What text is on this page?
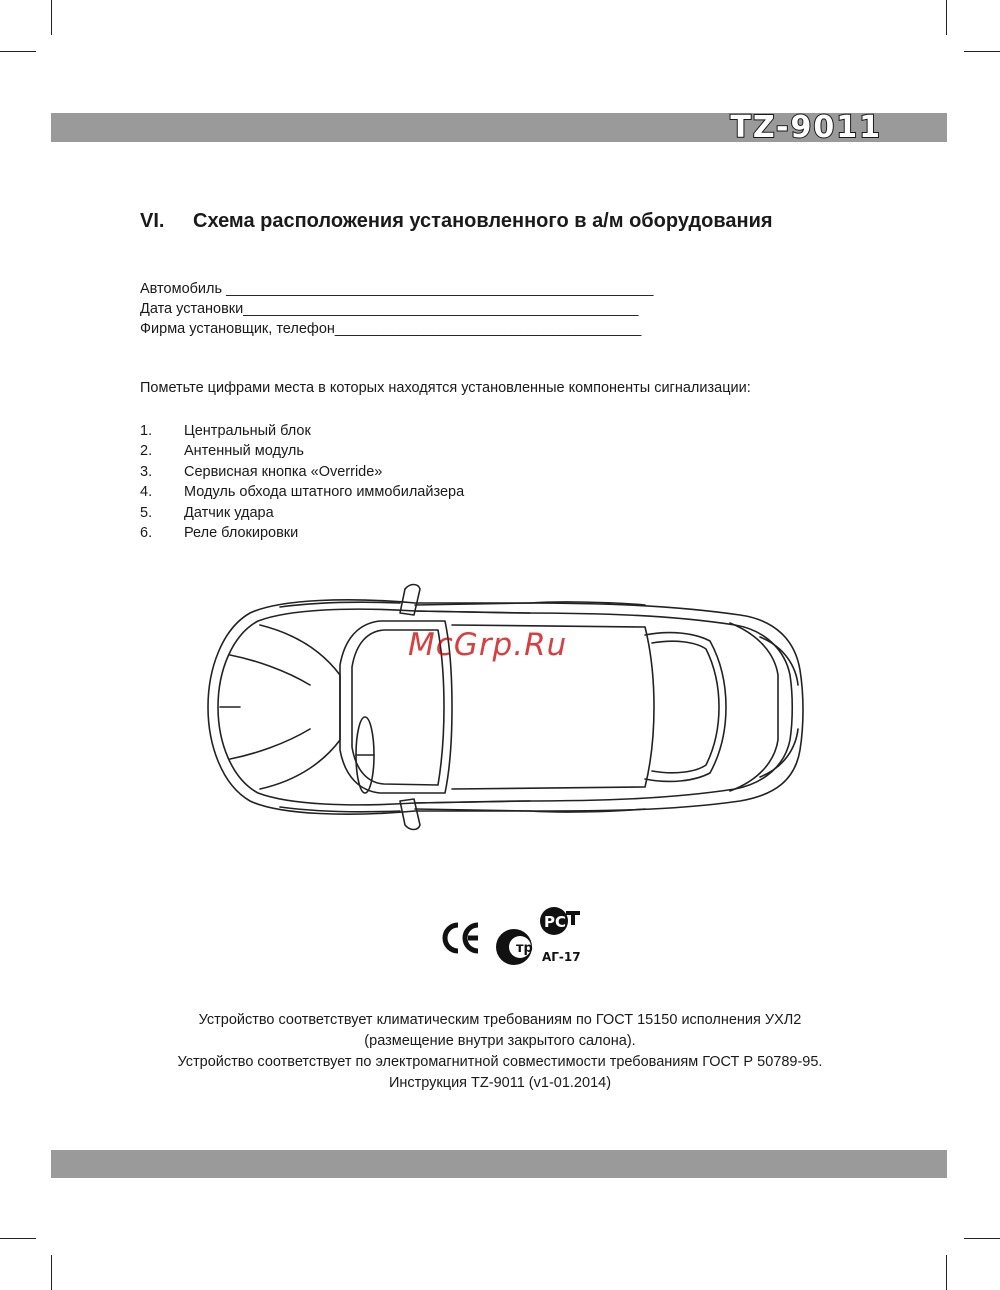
TZ-9011
VI. Схема расположения установленного в а/м оборудования
Автомобиль _____________________________________________________
Дата установки_________________________________________________
Фирма установщик, телефон______________________________________
Пометьте цифрами места в которых находятся установленные компоненты сигнализации:
1. Центральный блок
2. Антенный модуль
3. Сервисная кнопка «Override»
4. Модуль обхода штатного иммобилайзера
5. Датчик удара
6. Реле блокировки
McGrp.Ru
тр
РС
АГ-17
Устройство соответствует климатическим требованиям по ГОСТ 15150 исполнения УХЛ2
(размещение внутри закрытого салона).
Устройство соответствует по электромагнитной совместимости требованиям ГОСТ Р 50789-95.
Инструкция TZ-9011 (v1-01.2014)
